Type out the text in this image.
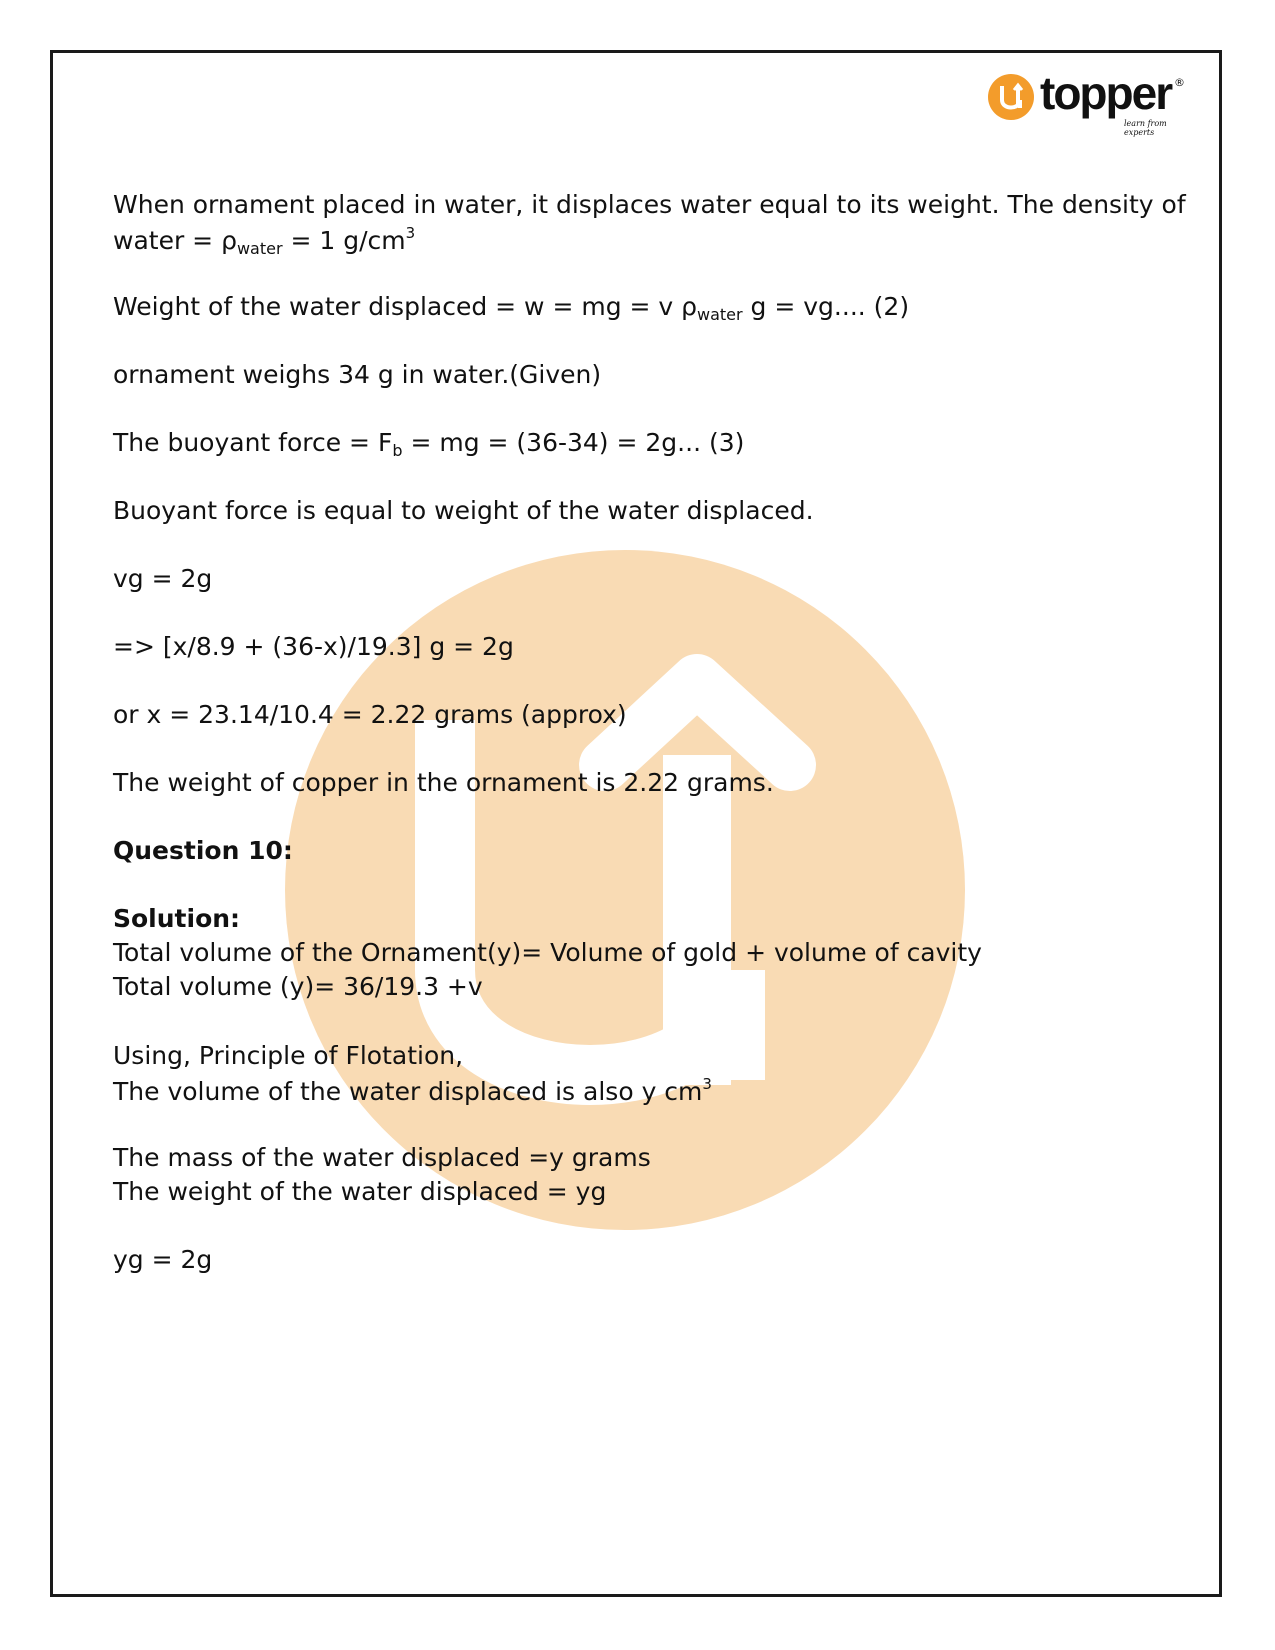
topper ®
learn from experts
When ornament placed in water, it displaces water equal to its weight. The density of
water = $\rho_{water} = 1$ $g/cm^3$
Weight of the water displaced = w = mg = v $\rho_{water}$ g = vg.... (2)
ornament weighs 34 g in water.(Given)
The buoyant force = $F_b$ = mg = (36-34) = 2g... (3)
Buoyant force is equal to weight of the water displaced.
vg = 2g
=> [x/8.9 + (36-x)/19.3] g = 2g
or x = 23.14/10.4 = 2.22 grams (approx)
The weight of copper in the ornament is 2.22 grams.
Question 10:
Solution:
Total volume of the Ornament(y)= Volume of gold + volume of cavity
Total volume (y)= 36/19.3 +v
Using, Principle of Flotation,
The volume of the water displaced is also y $cm^3$
The mass of the water displaced =y grams
The weight of the water displaced = yg
yg = 2g
